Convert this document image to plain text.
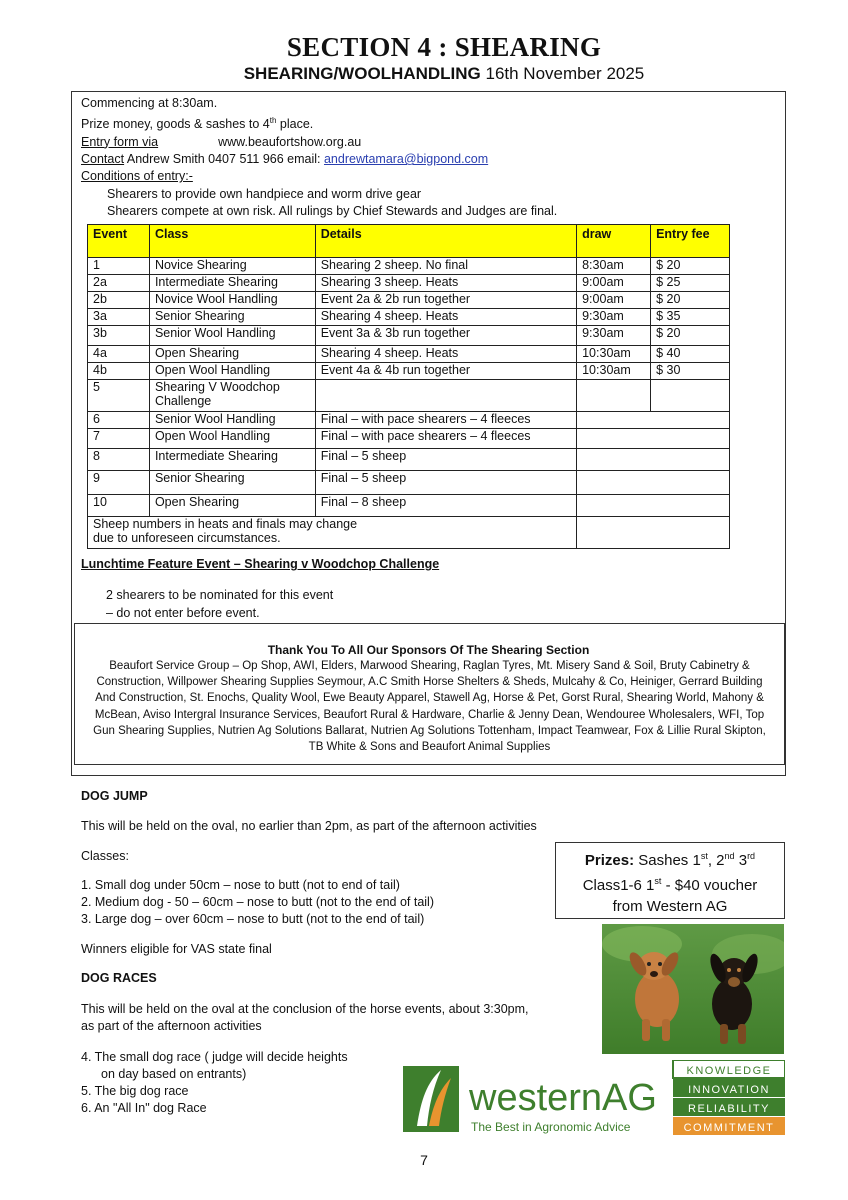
SECTION 4 : SHEARING
SHEARING/WOOLHANDLING 16th November 2025
Commencing at 8:30am.
Prize money, goods & sashes to 4th place.
Entry form via	www.beaufortshow.org.au
Contact Andrew Smith 0407 511 966 email: andrewtamara@bigpond.com
Conditions of entry:-
Shearers to provide own handpiece and worm drive gear
Shearers compete at own risk. All rulings by Chief Stewards and Judges are final.
Event	Class	Details	draw	Entry fee
1	Novice Shearing	Shearing 2 sheep. No final	8:30am	$ 20
2a	Intermediate Shearing	Shearing 3 sheep. Heats	9:00am	$ 25
2b	Novice Wool Handling	Event 2a & 2b run together	9:00am	$ 20
3a	Senior Shearing	Shearing 4 sheep. Heats	9:30am	$ 35
3b	Senior Wool Handling	Event 3a & 3b run together	9:30am	$ 20
4a	Open Shearing	Shearing 4 sheep. Heats	10:30am	$ 40
4b	Open Wool Handling	Event 4a & 4b run together	10:30am	$ 30
5	Shearing V Woodchop Challenge			
6	Senior Wool Handling	Final – with pace shearers – 4 fleeces		
7	Open Wool Handling	Final – with pace shearers – 4 fleeces		
8	Intermediate Shearing	Final – 5 sheep		
9	Senior Shearing	Final – 5 sheep		
10	Open Shearing	Final – 8 sheep		

Sheep numbers in heats and finals may change
due to unforeseen circumstances.				

Lunchtime Feature Event – Shearing v Woodchop Challenge
2 shearers to be nominated for this event
– do not enter before event.
Thank You To All Our Sponsors Of The Shearing Section
Beaufort Service Group – Op Shop, AWI, Elders, Marwood Shearing, Raglan Tyres, Mt. Misery Sand & Soil, Bruty Cabinetry & Construction, Willpower Shearing Supplies Seymour, A.C Smith Horse Shelters & Sheds, Mulcahy & Co, Heiniger, Gerrard Building And Construction, St. Enochs, Quality Wool, Ewe Beauty Apparel, Stawell Ag, Horse & Pet, Gorst Rural, Shearing World, Mahony & McBean, Aviso Intergral Insurance Services, Beaufort Rural & Hardware, Charlie & Jenny Dean, Wendouree Wholesalers, WFI, Top Gun Shearing Supplies, Nutrien Ag Solutions Ballarat, Nutrien Ag Solutions Tottenham, Impact Teamwear, Fox & Lillie Rural Skipton, TB White & Sons and Beaufort Animal Supplies
DOG JUMP
This will be held on the oval, no earlier than 2pm, as part of the afternoon activities
Classes:
1. Small dog under 50cm – nose to butt (not to end of tail)
2. Medium dog - 50 – 60cm – nose to butt (not to the end of tail)
3. Large dog – over 60cm – nose to butt (not to the end of tail)
Winners eligible for VAS state final
DOG RACES
This will be held on the oval at the conclusion of the horse events, about 3:30pm,
as part of the afternoon activities
4. The small dog race ( judge will decide heights
on day based on entrants)
5. The big dog race
6. An "All In" dog Race
Prizes: Sashes 1st, 2nd 3rd
Class1-6 1st - $40 voucher
from Western AG
westernAG
The Best in Agronomic Advice
KNOWLEDGE
INNOVATION
RELIABILITY
COMMITMENT
7
